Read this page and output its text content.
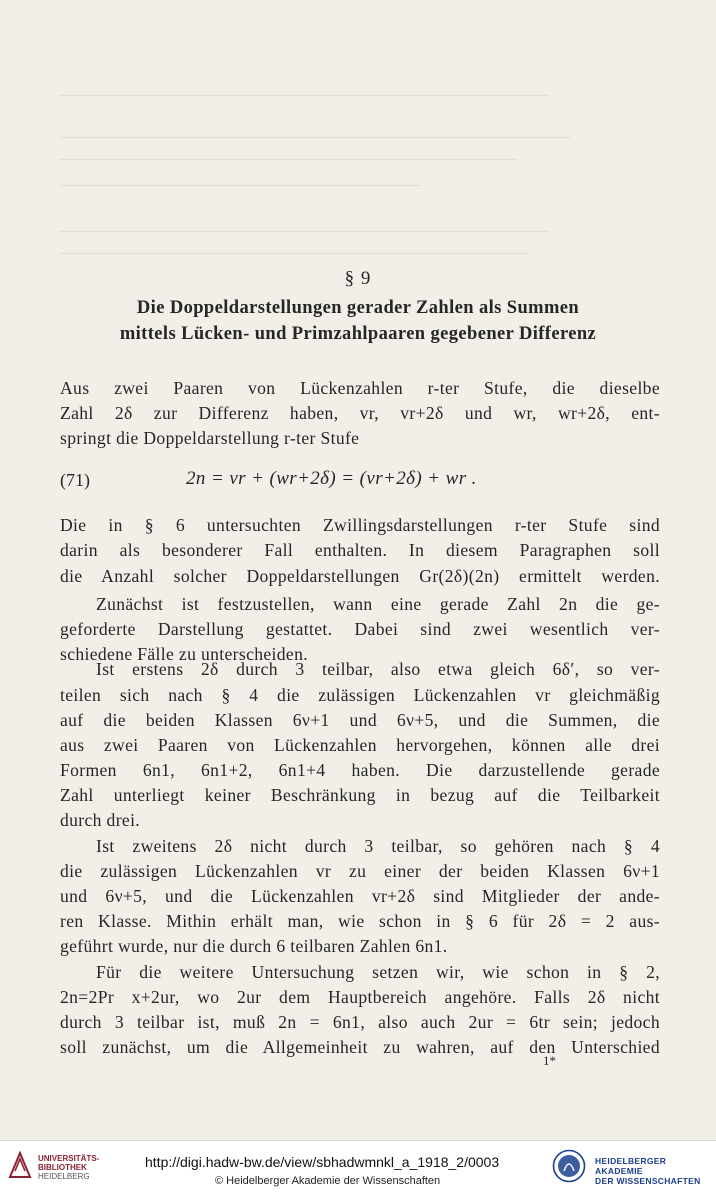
──────────────────────────────────────────────
────────────────────────────────────────────────
───────────────────────────────────────────
──────────────────────────────────
──────────────────────────────────────────────
────────────────────────────────────────────
§ 9
Die Doppeldarstellungen gerader Zahlen als Summen
mittels Lücken- und Primzahlpaaren gegebener Differenz
Aus zwei Paaren von Lückenzahlen r-ter Stufe, die dieselbe
Zahl 2δ zur Differenz haben, vr, vr+2δ und wr, wr+2δ, ent-
springt die Doppeldarstellung r-ter Stufe
(71)	2n = vr + (wr+2δ) = (vr+2δ) + wr .
Die in § 6 untersuchten Zwillingsdarstellungen r-ter Stufe sind
darin als besonderer Fall enthalten. In diesem Paragraphen soll
die Anzahl solcher Doppeldarstellungen Gr(2δ)(2n) ermittelt werden.
Zunächst ist festzustellen, wann eine gerade Zahl 2n die ge-
geforderte Darstellung gestattet. Dabei sind zwei wesentlich ver-
schiedene Fälle zu unterscheiden.
Ist erstens 2δ durch 3 teilbar, also etwa gleich 6δ′, so ver-
teilen sich nach § 4 die zulässigen Lückenzahlen vr gleichmäßig
auf die beiden Klassen 6ν+1 und 6ν+5, und die Summen, die
aus zwei Paaren von Lückenzahlen hervorgehen, können alle drei
Formen 6n1, 6n1+2, 6n1+4 haben. Die darzustellende gerade
Zahl unterliegt keiner Beschränkung in bezug auf die Teilbarkeit
durch drei.
Ist zweitens 2δ nicht durch 3 teilbar, so gehören nach § 4
die zulässigen Lückenzahlen vr zu einer der beiden Klassen 6ν+1
und 6ν+5, und die Lückenzahlen vr+2δ sind Mitglieder der ande-
ren Klasse. Mithin erhält man, wie schon in § 6 für 2δ = 2 aus-
geführt wurde, nur die durch 6 teilbaren Zahlen 6n1.
Für die weitere Untersuchung setzen wir, wie schon in § 2,
2n=2Pr x+2ur, wo 2ur dem Hauptbereich angehöre. Falls 2δ nicht
durch 3 teilbar ist, muß 2n = 6n1, also auch 2ur = 6tr sein; jedoch
soll zunächst, um die Allgemeinheit zu wahren, auf den Unterschied
1*
UNIVERSITÄTS-
BIBLIOTHEK
HEIDELBERG
http://digi.hadw-bw.de/view/sbhadwmnkl_a_1918_2/0003
© Heidelberger Akademie der Wissenschaften
HEIDELBERGER AKADEMIE
DER WISSENSCHAFTEN
